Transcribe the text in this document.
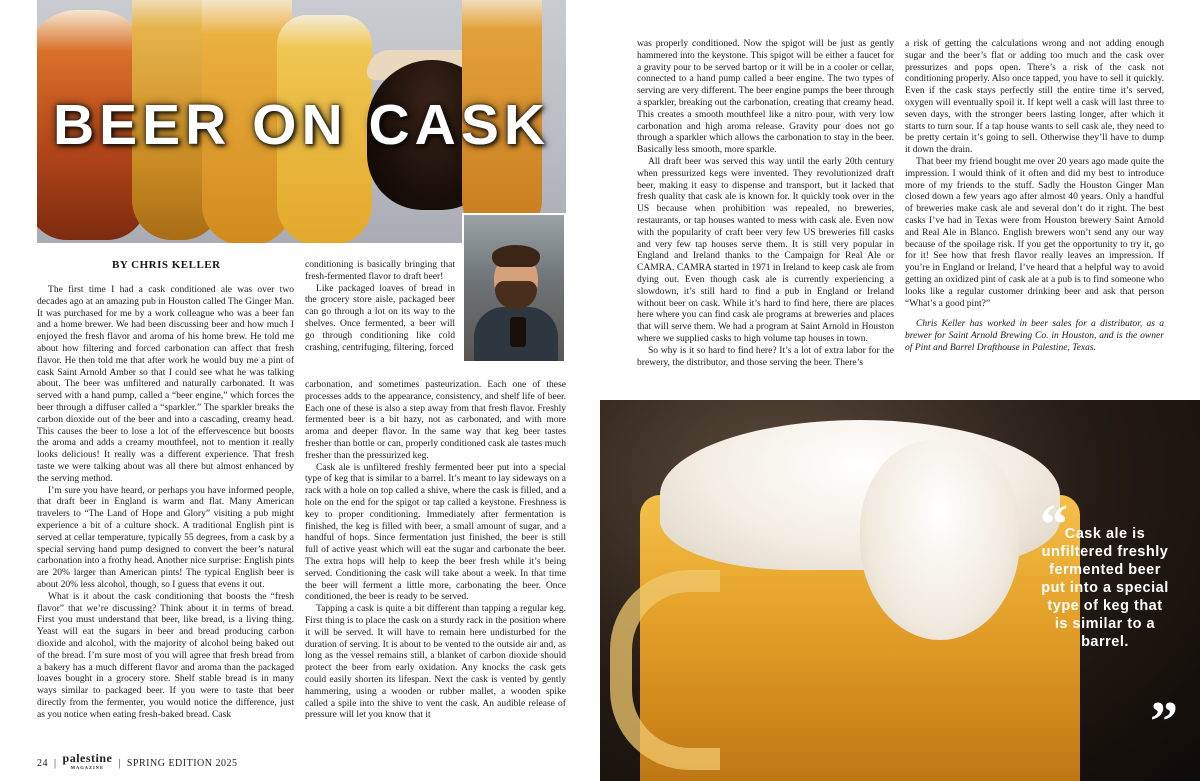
BEER ON CASK
BY CHRIS KELLER

The first time I had a cask conditioned ale was over two decades ago at an amazing pub in Houston called The Ginger Man. It was purchased for me by a work colleague who was a beer fan and a home brewer. We had been discussing beer and how much I enjoyed the fresh flavor and aroma of his home brew. He told me about how filtering and forced carbonation can affect that fresh flavor. He then told me that after work he would buy me a pint of cask Saint Arnold Amber so that I could see what he was talking about. The beer was unfiltered and naturally carbonated. It was served with a hand pump, called a “beer engine,” which forces the beer through a diffuser called a “sparkler.” The sparkler breaks the carbon dioxide out of the beer and into a cascading, creamy head. This causes the beer to lose a lot of the effervescence but boosts the aroma and adds a creamy mouthfeel, not to mention it really looks delicious! It really was a different experience. That fresh taste we were talking about was all there but almost enhanced by the serving method.

I’m sure you have heard, or perhaps you have informed people, that draft beer in England is warm and flat. Many American travelers to “The Land of Hope and Glory” visiting a pub might experience a bit of a culture shock. A traditional English pint is served at cellar temperature, typically 55 degrees, from a cask by a special serving hand pump designed to convert the beer’s natural carbonation into a frothy head. Another nice surprise: English pints are 20% larger than American pints! The typical English beer is about 20% less alcohol, though, so I guess that evens it out.

What is it about the cask conditioning that boosts the “fresh flavor” that we’re discussing? Think about it in terms of bread. First you must understand that beer, like bread, is a living thing. Yeast will eat the sugars in beer and bread producing carbon dioxide and alcohol, with the majority of alcohol being baked out of the bread. I’m sure most of you will agree that fresh bread from a bakery has a much different flavor and aroma than the packaged loaves bought in a grocery store. Shelf stable bread is in many ways similar to packaged beer. If you were to taste that beer directly from the fermenter, you would notice the difference, just as you notice when eating fresh-baked bread. Cask

conditioning is basically bringing that fresh-fermented flavor to draft beer!

Like packaged loaves of bread in the grocery store aisle, packaged beer can go through a lot on its way to the shelves. Once fermented, a beer will go through conditioning like cold crashing, centrifuging, filtering, forced

carbonation, and sometimes pasteurization. Each one of these processes adds to the appearance, consistency, and shelf life of beer. Each one of these is also a step away from that fresh flavor. Freshly fermented beer is a bit hazy, not as carbonated, and with more aroma and deeper flavor. In the same way that keg beer tastes fresher than bottle or can, properly conditioned cask ale tastes much fresher than the pressurized keg.

Cask ale is unfiltered freshly fermented beer put into a special type of keg that is similar to a barrel. It’s meant to lay sideways on a rack with a hole on top called a shive, where the cask is filled, and a hole on the end for the spigot or tap called a keystone. Freshness is key to proper conditioning. Immediately after fermentation is finished, the keg is filled with beer, a small amount of sugar, and a handful of hops. Since fermentation just finished, the beer is still full of active yeast which will eat the sugar and carbonate the beer. The extra hops will help to keep the beer fresh while it’s being served. Conditioning the cask will take about a week. In that time the beer will ferment a little more, carbonating the beer. Once conditioned, the beer is ready to be served.

Tapping a cask is quite a bit different than tapping a regular keg. First thing is to place the cask on a sturdy rack in the position where it will be served. It will have to remain here undisturbed for the duration of serving. It is about to be vented to the outside air and, as long as the vessel remains still, a blanket of carbon dioxide should protect the beer from early oxidation. Any knocks the cask gets could easily shorten its lifespan. Next the cask is vented by gently hammering, using a wooden or rubber mallet, a wooden spike called a spile into the shive to vent the cask. An audible release of pressure will let you know that it

was properly conditioned. Now the spigot will be just as gently hammered into the keystone. This spigot will be either a faucet for a gravity pour to be served bartop or it will be in a cooler or cellar, connected to a hand pump called a beer engine. The two types of serving are very different. The beer engine pumps the beer through a sparkler, breaking out the carbonation, creating that creamy head. This creates a smooth mouthfeel like a nitro pour, with very low carbonation and high aroma release. Gravity pour does not go through a sparkler which allows the carbonation to stay in the beer. Basically less smooth, more sparkle.

All draft beer was served this way until the early 20th century when pressurized kegs were invented. They revolutionized draft beer, making it easy to dispense and transport, but it lacked that fresh quality that cask ale is known for. It quickly took over in the US because when prohibition was repealed, no breweries, restaurants, or tap houses wanted to mess with cask ale. Even now with the popularity of craft beer very few US breweries fill casks and very few tap houses serve them. It is still very popular in England and Ireland thanks to the Campaign for Real Ale or CAMRA. CAMRA started in 1971 in Ireland to keep cask ale from dying out. Even though cask ale is currently experiencing a slowdown, it’s still hard to find a pub in England or Ireland without beer on cask. While it’s hard to find here, there are places here where you can find cask ale programs at breweries and places that will serve them. We had a program at Saint Arnold in Houston where we supplied casks to high volume tap houses in town.

So why is it so hard to find here? It’s a lot of extra labor for the brewery, the distributor, and those serving the beer. There’s

a risk of getting the calculations wrong and not adding enough sugar and the beer’s flat or adding too much and the cask over pressurizes and pops open. There’s a risk of the cask not conditioning properly. Also once tapped, you have to sell it quickly. Even if the cask stays perfectly still the entire time it’s served, oxygen will eventually spoil it. If kept well a cask will last three to seven days, with the stronger beers lasting longer, after which it starts to turn sour. If a tap house wants to sell cask ale, they need to be pretty certain it’s going to sell. Otherwise they’ll have to dump it down the drain.

That beer my friend bought me over 20 years ago made quite the impression. I would think of it often and did my best to introduce more of my friends to the stuff. Sadly the Houston Ginger Man closed down a few years ago after almost 40 years. Only a handful of breweries make cask ale and several don’t do it right. The best casks I’ve had in Texas were from Houston brewery Saint Arnold and Real Ale in Blanco. English brewers won’t send any our way because of the spoilage risk. If you get the opportunity to try it, go for it! See how that fresh flavor really leaves an impression. If you’re in England or Ireland, I’ve heard that a helpful way to avoid getting an oxidized pint of cask ale at a pub is to find someone who looks like a regular customer drinking beer and ask that person “What’s a good pint?”

Chris Keller has worked in beer sales for a distributor, as a brewer for Saint Arnold Brewing Co. in Houston, and is the owner of Pint and Barrel Drafthouse in Palestine, Texas.

“
Cask ale is unfiltered freshly fermented beer put into a special type of keg that is similar to a barrel.
”
24 | palestine
MAGAZINE	| SPRING EDITION 2025
